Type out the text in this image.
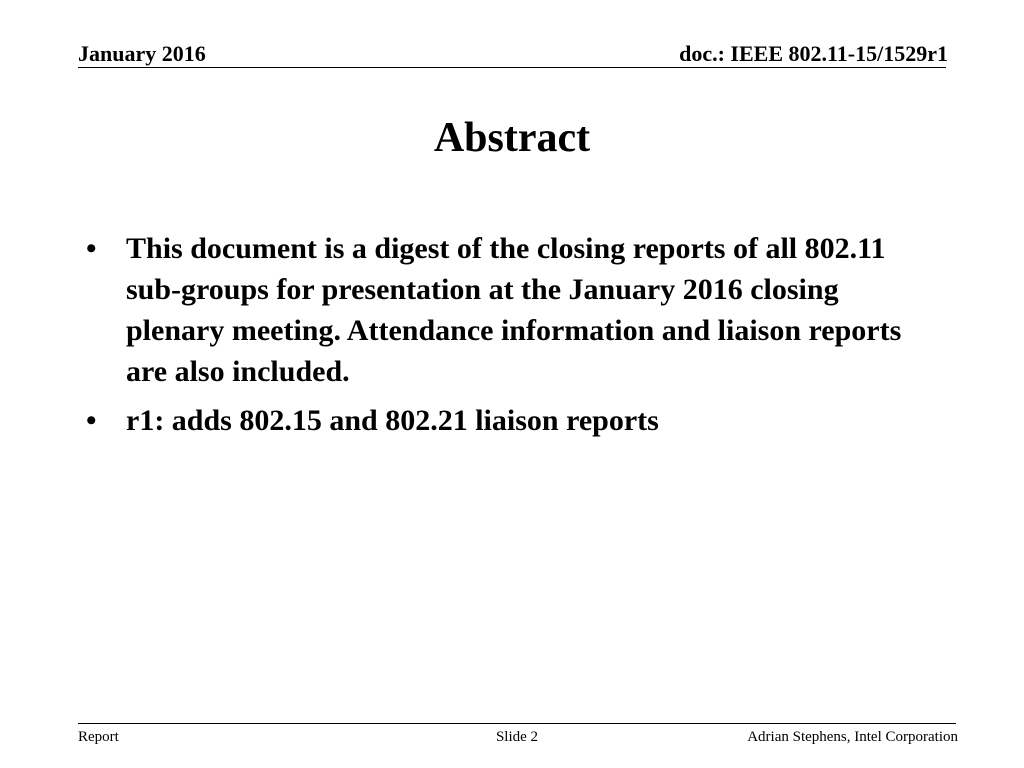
January 2016	doc.: IEEE 802.11-15/1529r1
Abstract
• This document is a digest of the closing reports of all 802.11 sub-groups for presentation at the January 2016 closing plenary meeting. Attendance information and liaison reports are also included.
• r1: adds 802.15 and 802.21 liaison reports
Report	Slide 2	Adrian Stephens, Intel Corporation
